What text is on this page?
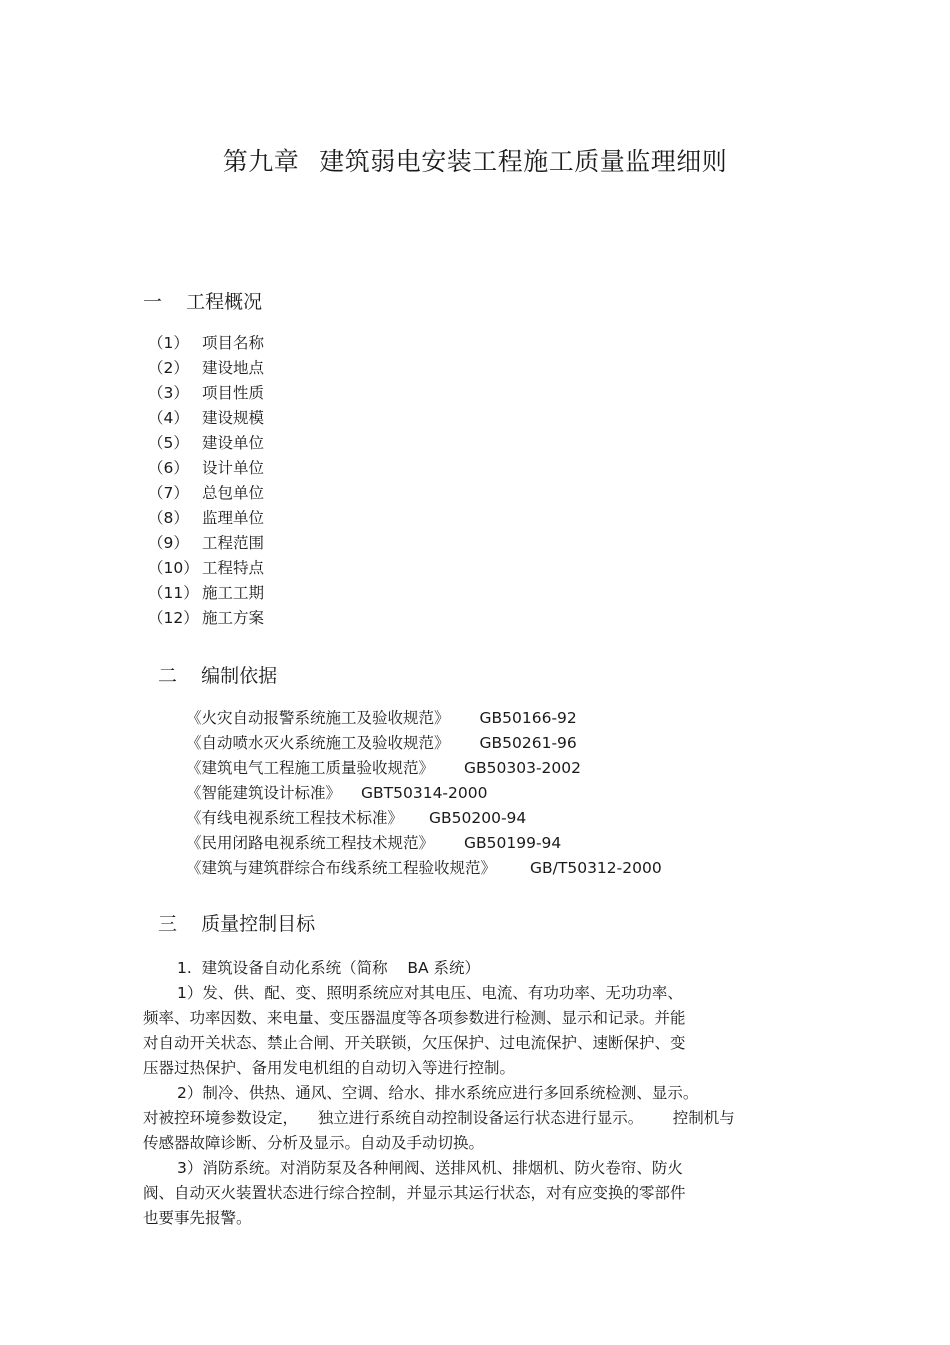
第九章 建筑弱电安装工程施工质量监理细则
一 工程概况
（1） 项目名称
（2） 建设地点
（3） 项目性质
（4） 建设规模
（5） 建设单位
（6） 设计单位
（7） 总包单位
（8） 监理单位
（9） 工程范围
（10） 工程特点
（11） 施工工期
（12） 施工方案
二 编制依据
《火灾自动报警系统施工及验收规范》 GB50166-92
《自动喷水灭火系统施工及验收规范》 GB50261-96
《建筑电气工程施工质量验收规范》 GB50303-2002
《智能建筑设计标准》 GBT50314-2000
《有线电视系统工程技术标准》 GB50200-94
《民用闭路电视系统工程技术规范》 GB50199-94
《建筑与建筑群综合布线系统工程验收规范》 GB/T50312-2000
三 质量控制目标
1.  建筑设备自动化系统（简称    BA 系统）
1）发、供、配、变、照明系统应对其电压、电流、有功功率、无功功率、
频率、功率因数、来电量、变压器温度等各项参数进行检测、显示和记录。并能
对自动开关状态、禁止合闸、开关联锁，欠压保护、过电流保护、速断保护、变
压器过热保护、备用发电机组的自动切入等进行控制。
2）制冷、供热、通风、空调、给水、排水系统应进行多回系统检测、显示。
对被控环境参数设定，    独立进行系统自动控制设备运行状态进行显示。      控制机与
传感器故障诊断、分析及显示。自动及手动切换。
3）消防系统。对消防泵及各种闸阀、送排风机、排烟机、防火卷帘、防火
阀、自动灭火装置状态进行综合控制，并显示其运行状态，对有应变换的零部件
也要事先报警。
